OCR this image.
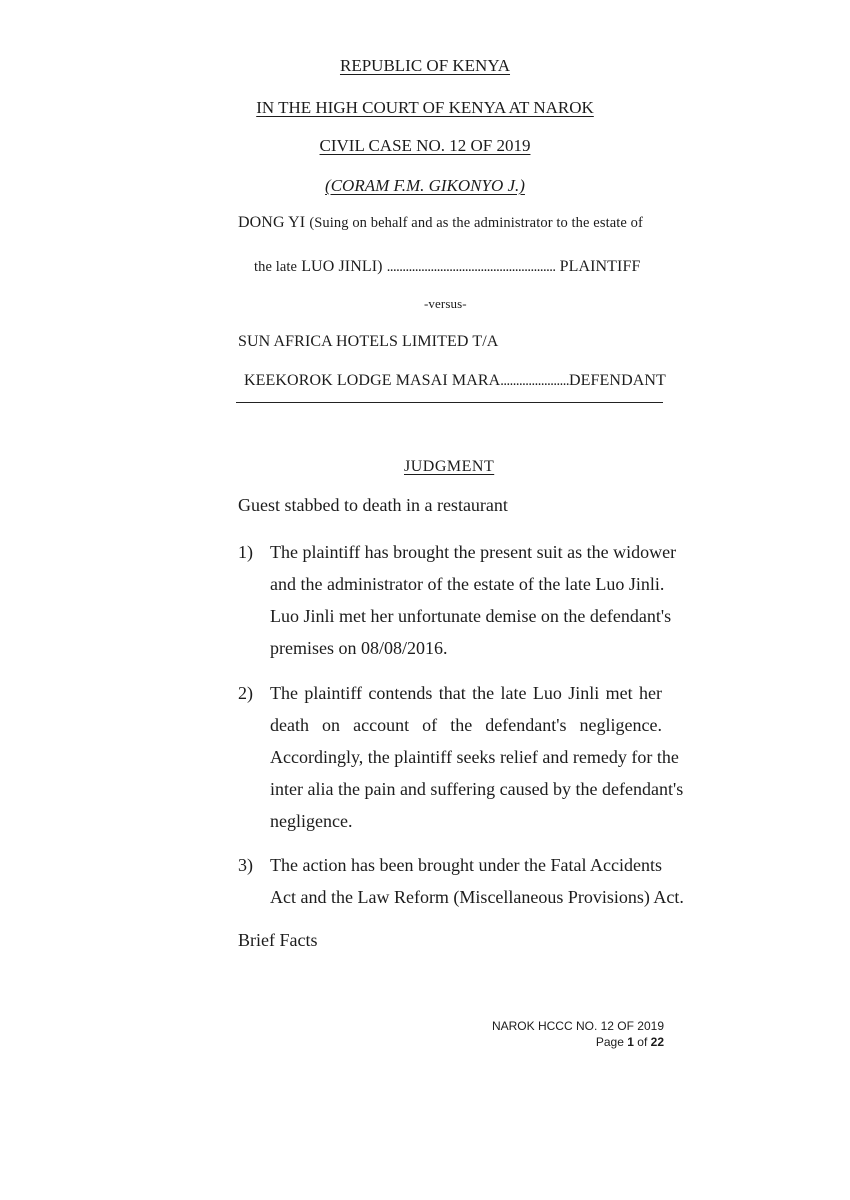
REPUBLIC OF KENYA
IN THE HIGH COURT OF KENYA AT NAROK
CIVIL CASE NO. 12 OF 2019
(CORAM F.M. GIKONYO J.)
DONG YI (Suing on behalf and as the administrator to the estate of
the late LUO JINLI) ...................................................... PLAINTIFF
-versus-
SUN AFRICA HOTELS LIMITED T/A
KEEKOROK LODGE MASAI MARA......................DEFENDANT
JUDGMENT
Guest stabbed to death in a restaurant
1) The plaintiff has brought the present suit as the widower
and the administrator of the estate of the late Luo Jinli.
Luo Jinli met her unfortunate demise on the defendant's
premises on 08/08/2016.
2) The plaintiff contends that the late Luo Jinli met her
death on account of the defendant's negligence.
Accordingly, the plaintiff seeks relief and remedy for the
inter alia the pain and suffering caused by the defendant's
negligence.
3) The action has been brought under the Fatal Accidents
Act and the Law Reform (Miscellaneous Provisions) Act.
Brief Facts
NAROK HCCC NO. 12 OF 2019
Page 1 of 22
